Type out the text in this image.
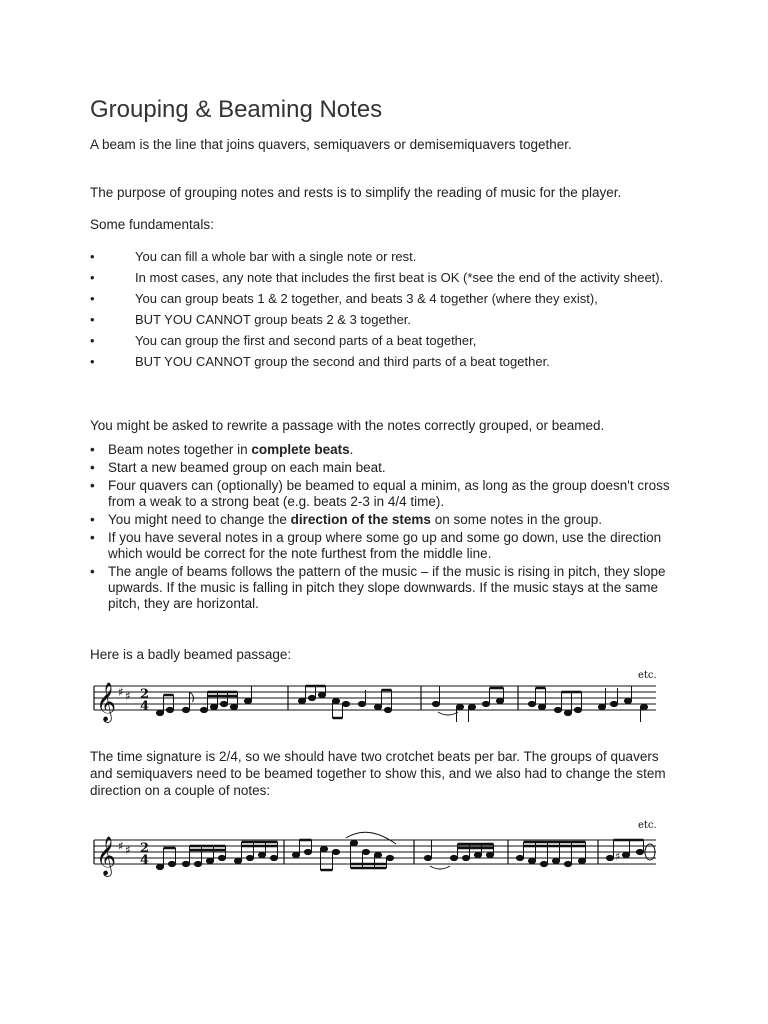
Grouping & Beaming Notes

A beam is the line that joins quavers, semiquavers or demisemiquavers together.

The purpose of grouping notes and rests is to simplify the reading of music for the player.

Some fundamentals:

•	You can fill a whole bar with a single note or rest.
•	In most cases, any note that includes the first beat is OK (*see the end of the activity sheet).
•	You can group beats 1 & 2 together, and beats 3 & 4 together (where they exist),
•	BUT YOU CANNOT group beats 2 & 3 together.
•	You can group the first and second parts of a beat together,
•	BUT YOU CANNOT group the second and third parts of a beat together.

You might be asked to rewrite a passage with the notes correctly grouped, or beamed.

• Beam notes together in complete beats.
• Start a new beamed group on each main beat.
• Four quavers can (optionally) be beamed to equal a minim, as long as the group doesn't cross from a weak to a strong beat (e.g. beats 2-3 in 4/4 time).
• You might need to change the direction of the stems on some notes in the group.
• If you have several notes in a group where some go up and some go down, use the direction which would be correct for the note furthest from the middle line.
• The angle of beams follows the pattern of the music – if the music is rising in pitch, they slope upwards. If the music is falling in pitch they slope downwards. If the music stays at the same pitch, they are horizontal.

Here is a badly beamed passage:

The time signature is 2/4, so we should have two crotchet beats per bar. The groups of quavers and semiquavers need to be beamed together to show this, and we also had to change the stem direction on a couple of notes:

𝄞 ♯ ♯ 2
4
etc.
𝄞 ♯ ♯ 2
4
etc.
♯
